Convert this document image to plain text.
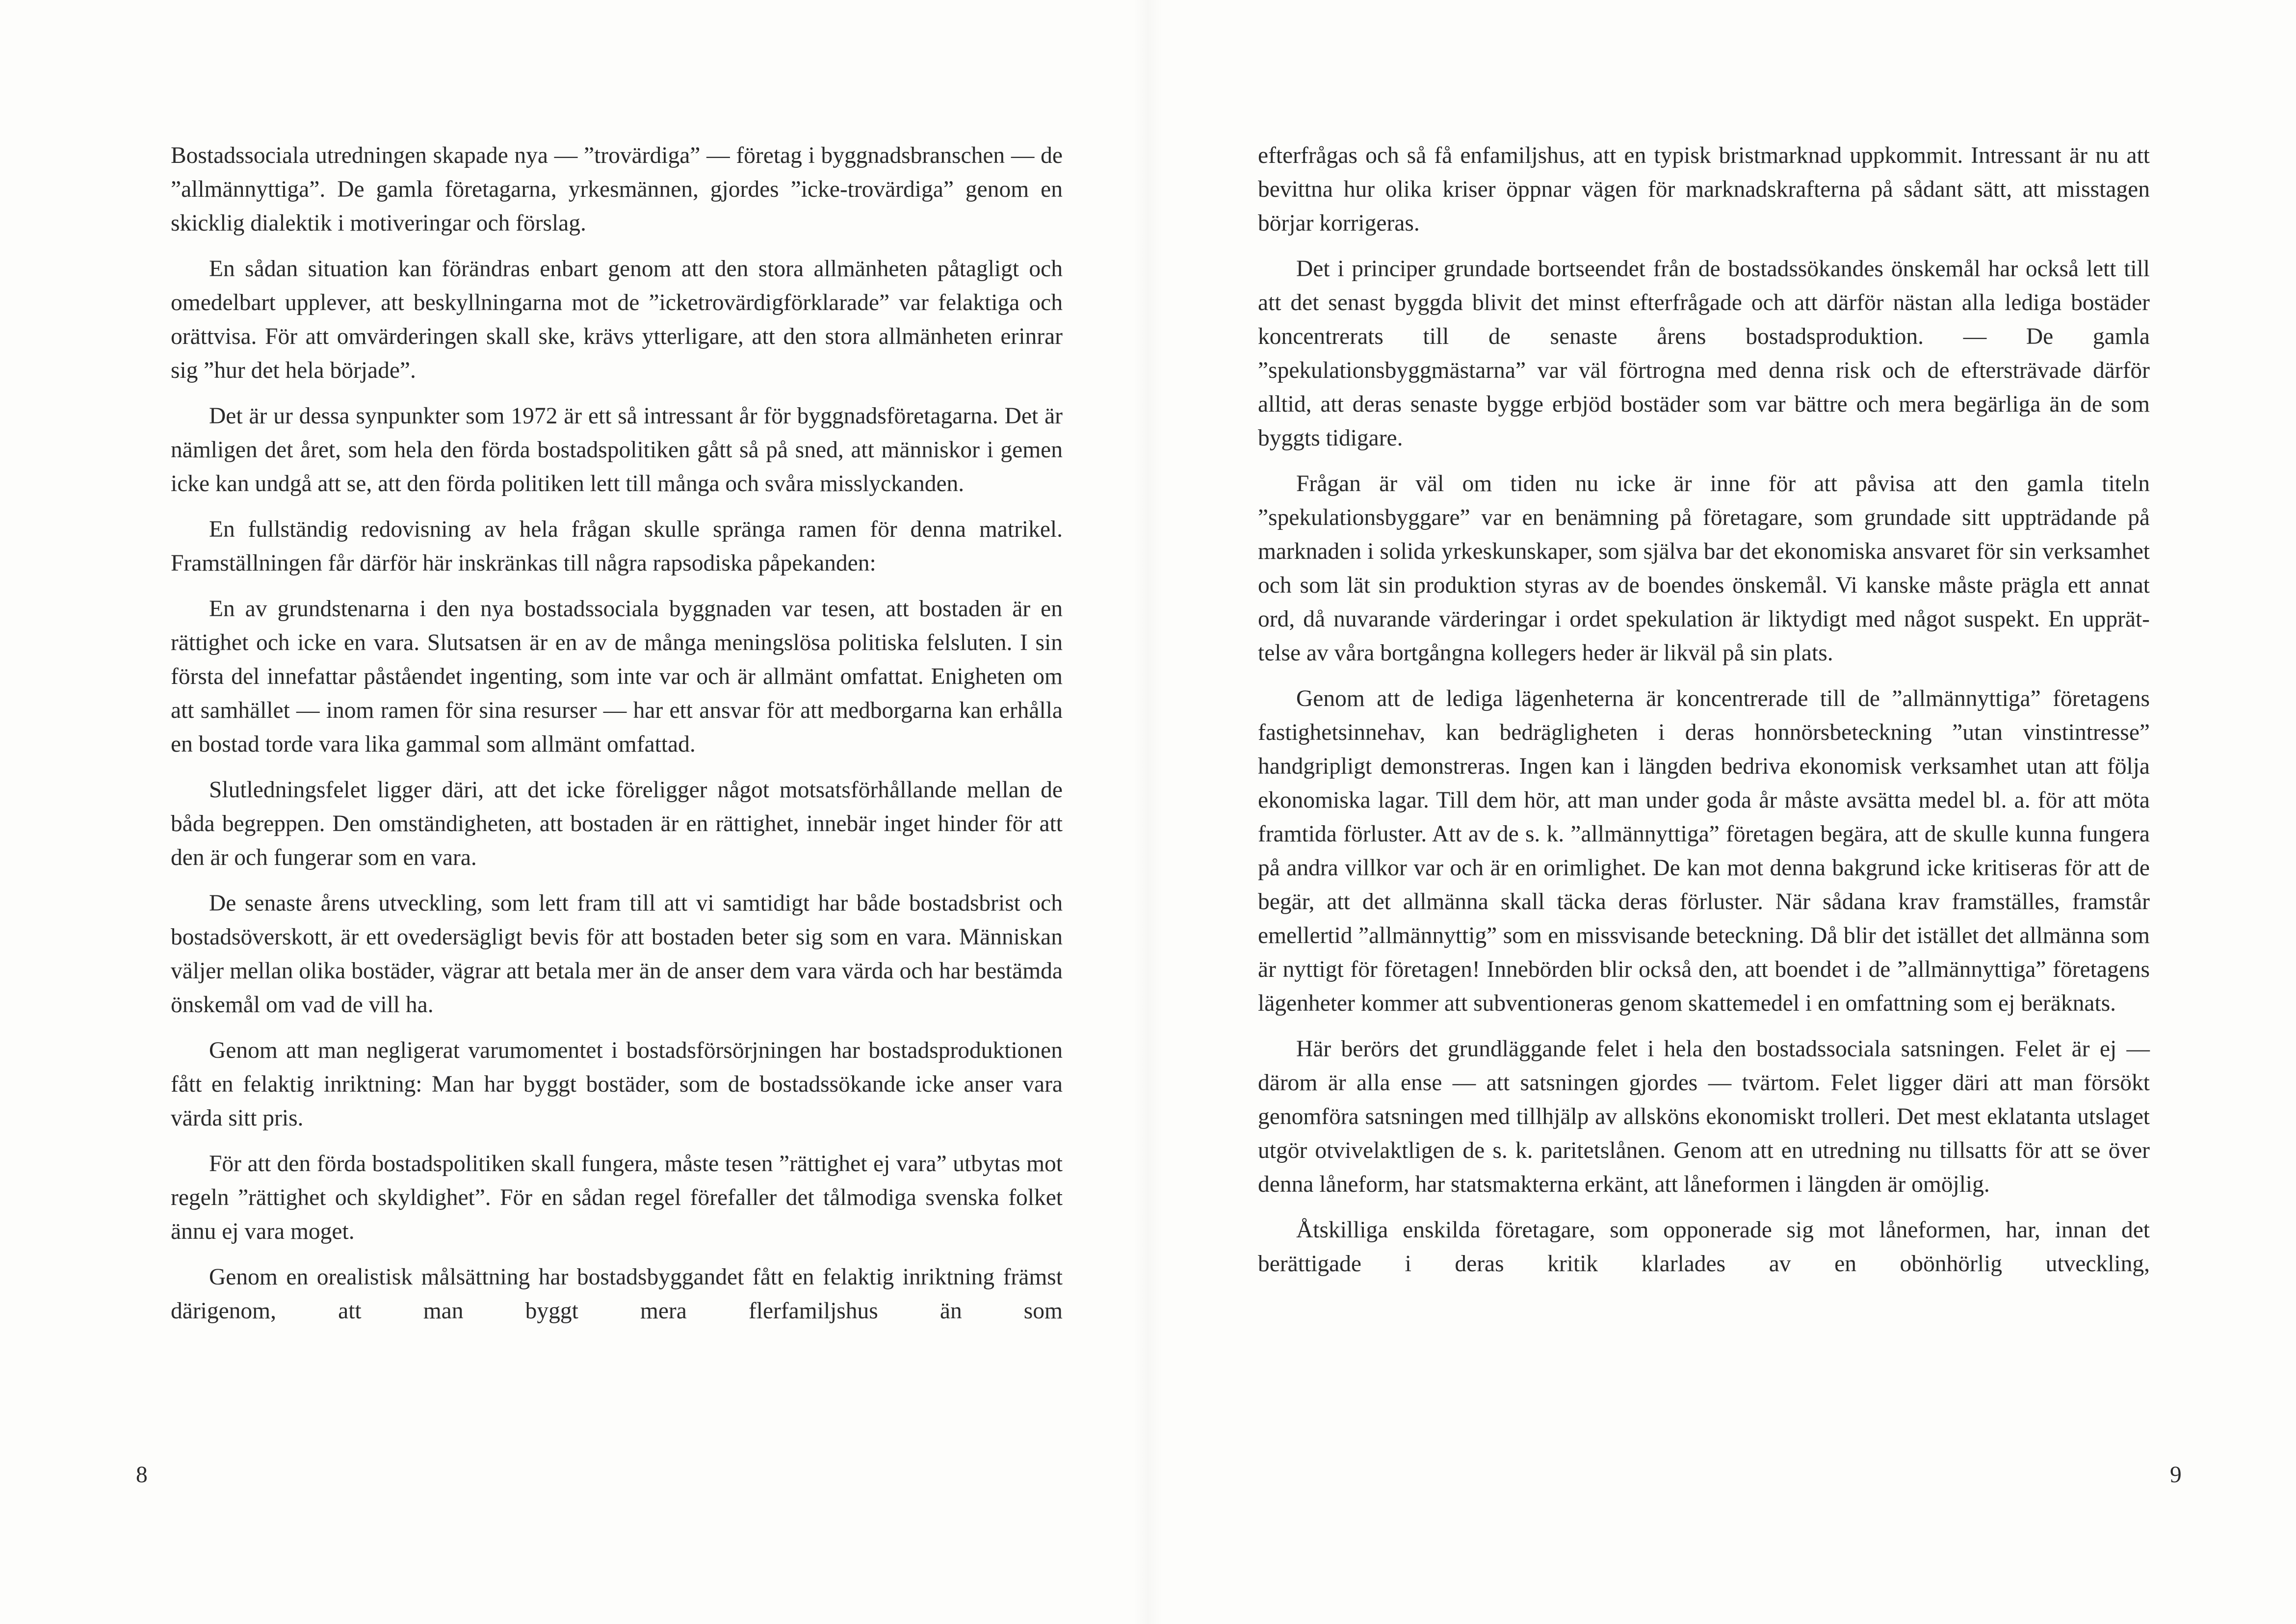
Bostadssociala utredningen skapade nya — ”trovärdiga” — företag i byggnadsbranschen — de ”allmännyttiga”. De gamla företagarna, yrkesmännen, gjordes ”icke-trovärdiga” genom en skicklig dialektik i motiveringar och förslag.

En sådan situation kan förändras enbart genom att den stora allmänheten påtagligt och omedelbart upplever, att beskyllningarna mot de ”icketrovärdigförklarade” var felaktiga och orättvisa. För att omvärderingen skall ske, krävs ytterligare, att den stora allmänheten erinrar sig ”hur det hela började”.

Det är ur dessa synpunkter som 1972 är ett så intressant år för byggnadsföretagarna. Det är nämligen det året, som hela den förda bostadspolitiken gått så på sned, att människor i gemen icke kan undgå att se, att den förda politiken lett till många och svåra misslyckanden.

En fullständig redovisning av hela frågan skulle spränga ramen för denna matrikel. Framställningen får därför här inskränkas till några rapsodiska påpekanden:

En av grundstenarna i den nya bostadssociala byggnaden var tesen, att bostaden är en rättighet och icke en vara. Slutsatsen är en av de många meningslösa politiska felsluten. I sin första del innefattar påståendet ingenting, som inte var och är allmänt omfattat. Enigheten om att samhället — inom ramen för sina resurser — har ett ansvar för att medborgarna kan erhålla en bostad torde vara lika gammal som allmänt omfattad.

Slutledningsfelet ligger däri, att det icke föreligger något motsatsförhållande mellan de båda begreppen. Den omständigheten, att bostaden är en rättighet, innebär inget hinder för att den är och fungerar som en vara.

De senaste årens utveckling, som lett fram till att vi samtidigt har både bostadsbrist och bostadsöverskott, är ett ovedersägligt bevis för att bostaden beter sig som en vara. Människan väljer mellan olika bostäder, vägrar att betala mer än de anser dem vara värda och har bestämda önskemål om vad de vill ha.

Genom att man negligerat varumomentet i bostadsförsörjningen har bostadsproduktionen fått en felaktig inriktning: Man har byggt bostäder, som de bostadssökande icke anser vara värda sitt pris.

För att den förda bostadspolitiken skall fungera, måste tesen ”rättighet ej vara” utbytas mot regeln ”rättighet och skyldighet”. För en sådan regel förefaller det tålmodiga svenska folket ännu ej vara moget.

Genom en orealistisk målsättning har bostadsbyggandet fått en felaktig inriktning främst därigenom, att man byggt mera flerfamiljshus än som

8

efterfrågas och så få enfamiljshus, att en typisk bristmarknad uppkommit. Intressant är nu att bevittna hur olika kriser öppnar vägen för marknadskrafterna på sådant sätt, att misstagen börjar korrigeras.

Det i principer grundade bortseendet från de bostadssökandes önskemål har också lett till att det senast byggda blivit det minst efterfrågade och att därför nästan alla lediga bostäder koncentrerats till de senaste årens bostadsproduktion. — De gamla ”spekulationsbyggmästarna” var väl förtrogna med denna risk och de eftersträvade därför alltid, att deras senaste bygge erbjöd bostäder som var bättre och mera begärliga än de som byggts tidigare.

Frågan är väl om tiden nu icke är inne för att påvisa att den gamla titeln ”spekulationsbyggare” var en benämning på företagare, som grundade sitt uppträdande på marknaden i solida yrkeskunskaper, som själva bar det ekonomiska ansvaret för sin verksamhet och som lät sin produktion styras av de boendes önskemål. Vi kanske måste prägla ett annat ord, då nuvarande värderingar i ordet spekulation är liktydigt med något suspekt. En upprättelse av våra bortgångna kollegers heder är likväl på sin plats.

Genom att de lediga lägenheterna är koncentrerade till de ”allmännyttiga” företagens fastighetsinnehav, kan bedrägligheten i deras honnörsbeteckning ”utan vinstintresse” handgripligt demonstreras. Ingen kan i längden bedriva ekonomisk verksamhet utan att följa ekonomiska lagar. Till dem hör, att man under goda år måste avsätta medel bl. a. för att möta framtida förluster. Att av de s. k. ”allmännyttiga” företagen begära, att de skulle kunna fungera på andra villkor var och är en orimlighet. De kan mot denna bakgrund icke kritiseras för att de begär, att det allmänna skall täcka deras förluster. När sådana krav framställes, framstår emellertid ”allmännyttig” som en missvisande beteckning. Då blir det istället det allmänna som är nyttigt för företagen! Innebörden blir också den, att boendet i de ”allmännyttiga” företagens lägenheter kommer att subventioneras genom skattemedel i en omfattning som ej beräknats.

Här berörs det grundläggande felet i hela den bostadssociala satsningen. Felet är ej — därom är alla ense — att satsningen gjordes — tvärtom. Felet ligger däri att man försökt genomföra satsningen med tillhjälp av allsköns ekonomiskt trolleri. Det mest eklatanta utslaget utgör otvivelaktligen de s. k. paritetslånen. Genom att en utredning nu tillsatts för att se över denna låneform, har statsmakterna erkänt, att låneformen i längden är omöjlig.

Åtskilliga enskilda företagare, som opponerade sig mot låneformen, har, innan det berättigade i deras kritik klarlades av en obönhörlig utveckling,

9
